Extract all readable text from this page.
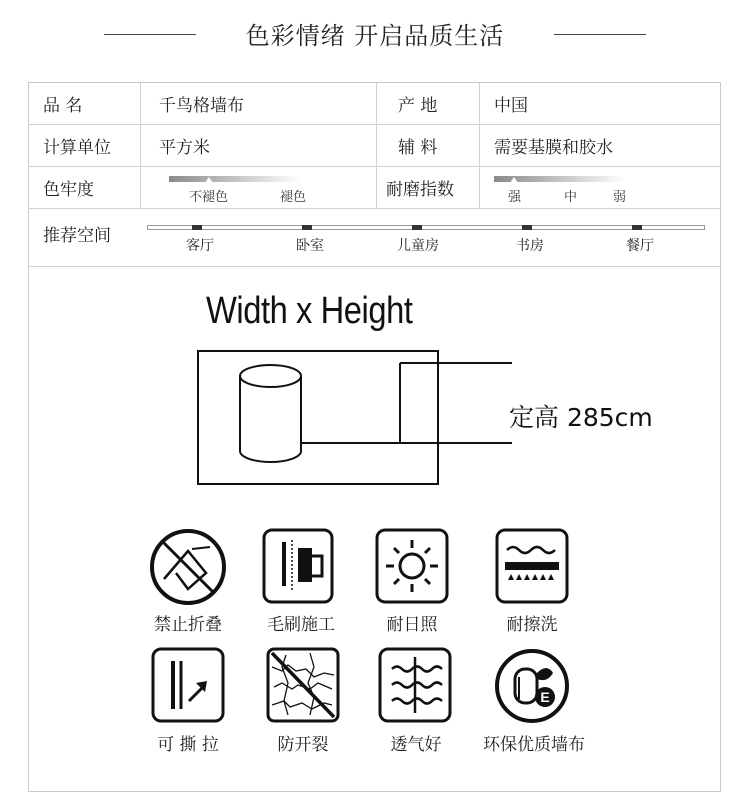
色彩情绪 开启品质生活
品 名	千鸟格墙布	产 地	中国
计算单位	平方米	辅 料	需要基膜和胶水
色牢度	不褪色	褪色	耐磨指数	强	中	弱
推荐空间
客厅	卧室	儿童房	书房	餐厅
Width x Height
定高 285cm
禁止折叠	毛刷施工	耐日照	耐擦洗
可 撕 拉	防开裂	透气好
E
环保优质墙布
